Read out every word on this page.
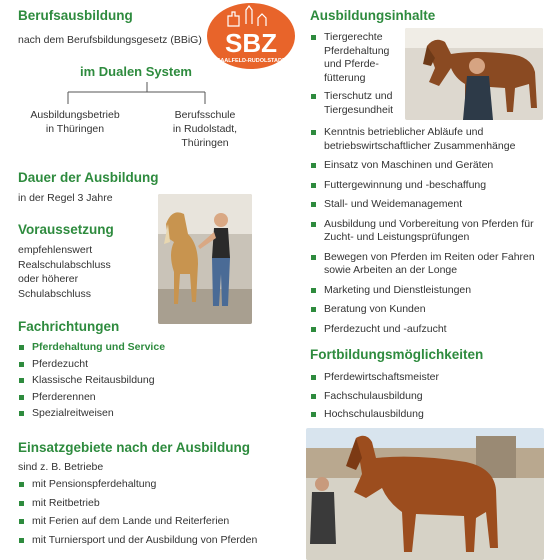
SBZ
SAALFELD-RUDOLSTADT
Berufsausbildung
nach dem Berufsbildungsgesetz (BBiG)
im Dualen System
Ausbildungsbetrieb
in Thüringen
Berufsschule
in Rudolstadt,
Thüringen
Dauer der Ausbildung
in der Regel 3 Jahre
Voraussetzung
empfehlenswert
Realschulabschluss
oder höherer
Schulabschluss
Fachrichtungen
Pferdehaltung und Service
Pferdezucht
Klassische Reitausbildung
Pferderennen
Spezialreitweisen
Einsatzgebiete nach der Ausbildung
sind z. B. Betriebe
mit Pensionspferdehaltung
mit Reitbetrieb
mit Ferien auf dem Lande und Reiterferien
mit Turniersport und der Ausbildung von Pferden
Ausbildungsinhalte
Tiergerechte Pferdehaltung und Pferde-fütterung
Tierschutz und Tiergesundheit
Kenntnis betrieblicher Abläufe und betriebswirtschaftlicher Zusammenhänge
Einsatz von Maschinen und Geräten
Futtergewinnung und -beschaffung
Stall- und Weidemanagement
Ausbildung und Vorbereitung von Pferden für Zucht- und Leistungsprüfungen
Bewegen von Pferden im Reiten oder Fahren sowie Arbeiten an der Longe
Marketing und Dienstleistungen
Beratung von Kunden
Pferdezucht und -aufzucht
Fortbildungsmöglichkeiten
Pferdewirtschaftsmeister
Fachschulausbildung
Hochschulausbildung
